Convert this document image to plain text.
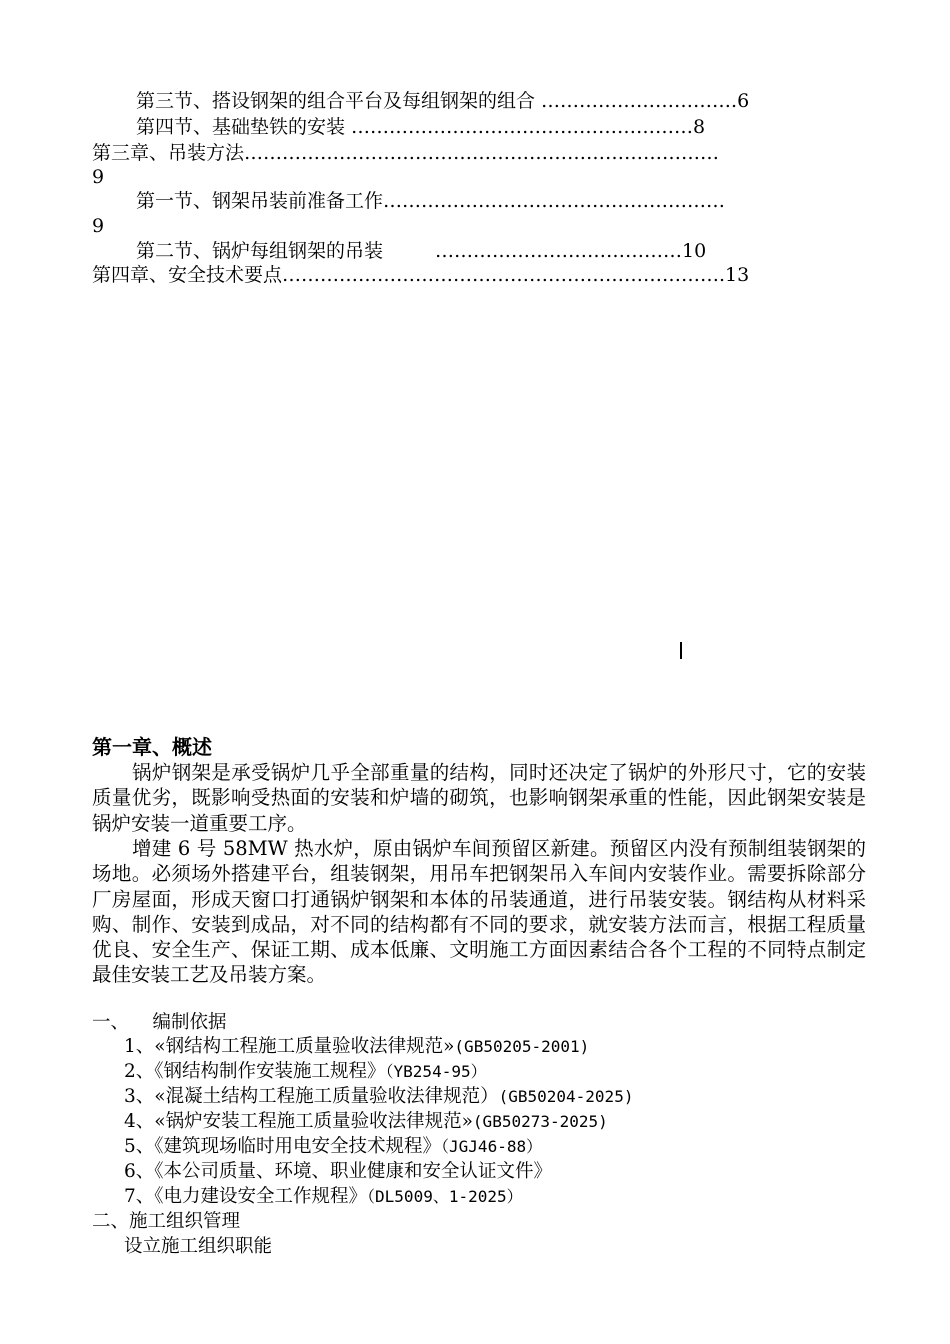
第三节、搭设钢架的组合平台及每组钢架的组合 ………………………….6
第四节、基础垫铁的安装 ………………………………………………8
第三章、吊装方法…………………………………………………………………
9
第一节、钢架吊装前准备工作………………………………………………
9
第二节、锅炉每组钢架的吊装	…………………………………10
第四章、安全技术要点…………………………………………………………….13
第一章、概述
锅炉钢架是承受锅炉几乎全部重量的结构，同时还决定了锅炉的外形尺寸，它的安装质量优劣，既影响受热面的安装和炉墙的砌筑，也影响钢架承重的性能，因此钢架安装是锅炉安装一道重要工序。
增建 6 号 58MW 热水炉，原由锅炉车间预留区新建。预留区内没有预制组装钢架的场地。必须场外搭建平台，组装钢架，用吊车把钢架吊入车间内安装作业。需要拆除部分厂房屋面，形成天窗口打通锅炉钢架和本体的吊装通道，进行吊装安装。钢结构从材料采购、制作、安装到成品，对不同的结构都有不同的要求，就安装方法而言，根据工程质量优良、安全生产、保证工期、成本低廉、文明施工方面因素结合各个工程的不同特点制定最佳安装工艺及吊装方案。
一、    编制依据
1、«钢结构工程施工质量验收法律规范»(GB50205-2001)
2、《钢结构制作安装施工规程》（YB254-95）
3、«混凝土结构工程施工质量验收法律规范）(GB50204-2025)
4、«锅炉安装工程施工质量验收法律规范»(GB50273-2025)
5、《建筑现场临时用电安全技术规程》（JGJ46-88）
6、《本公司质量、环境、职业健康和安全认证文件》
7、《电力建设安全工作规程》（DL5009、1-2025）
二、施工组织管理
设立施工组织职能
